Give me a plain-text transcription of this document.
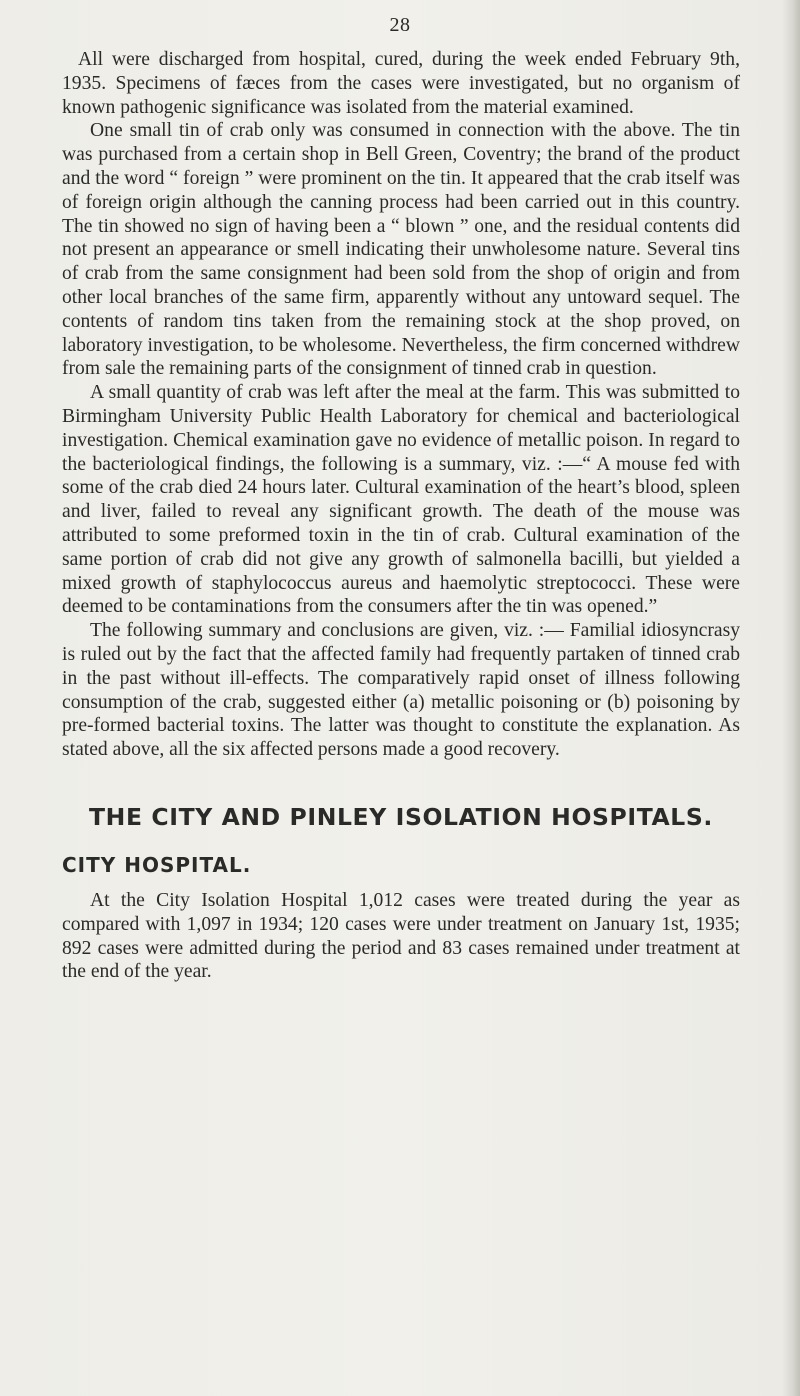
28

All were discharged from hospital, cured, during the week ended February 9th, 1935. Specimens of fæces from the cases were investigated, but no organism of known pathogenic significance was isolated from the material examined.

One small tin of crab only was consumed in connection with the above. The tin was purchased from a certain shop in Bell Green, Coventry; the brand of the product and the word “ foreign ” were prominent on the tin. It appeared that the crab itself was of foreign origin although the canning process had been carried out in this country. The tin showed no sign of having been a “ blown ” one, and the residual contents did not present an appearance or smell indicating their unwholesome nature. Several tins of crab from the same consignment had been sold from the shop of origin and from other local branches of the same firm, apparently without any untoward sequel. The contents of random tins taken from the remaining stock at the shop proved, on laboratory investigation, to be wholesome. Nevertheless, the firm concerned withdrew from sale the remaining parts of the consignment of tinned crab in question.

A small quantity of crab was left after the meal at the farm. This was submitted to Birmingham University Public Health Laboratory for chemical and bacteriological investigation. Chemical examination gave no evidence of metallic poison. In regard to the bacteriological findings, the following is a summary, viz. :—“ A mouse fed with some of the crab died 24 hours later. Cultural examination of the heart’s blood, spleen and liver, failed to reveal any significant growth. The death of the mouse was attributed to some preformed toxin in the tin of crab. Cultural examination of the same portion of crab did not give any growth of salmonella bacilli, but yielded a mixed growth of staphylococcus aureus and haemolytic streptococci. These were deemed to be contaminations from the consumers after the tin was opened.”

The following summary and conclusions are given, viz. :— Familial idiosyncrasy is ruled out by the fact that the affected family had frequently partaken of tinned crab in the past without ill-effects. The comparatively rapid onset of illness following consumption of the crab, suggested either (a) metallic poisoning or (b) poisoning by pre-formed bacterial toxins. The latter was thought to constitute the explanation. As stated above, all the six affected persons made a good recovery.

THE CITY AND PINLEY ISOLATION HOSPITALS.
CITY HOSPITAL.

At the City Isolation Hospital 1,012 cases were treated during the year as compared with 1,097 in 1934; 120 cases were under treatment on January 1st, 1935; 892 cases were admitted during the period and 83 cases remained under treatment at the end of the year.
